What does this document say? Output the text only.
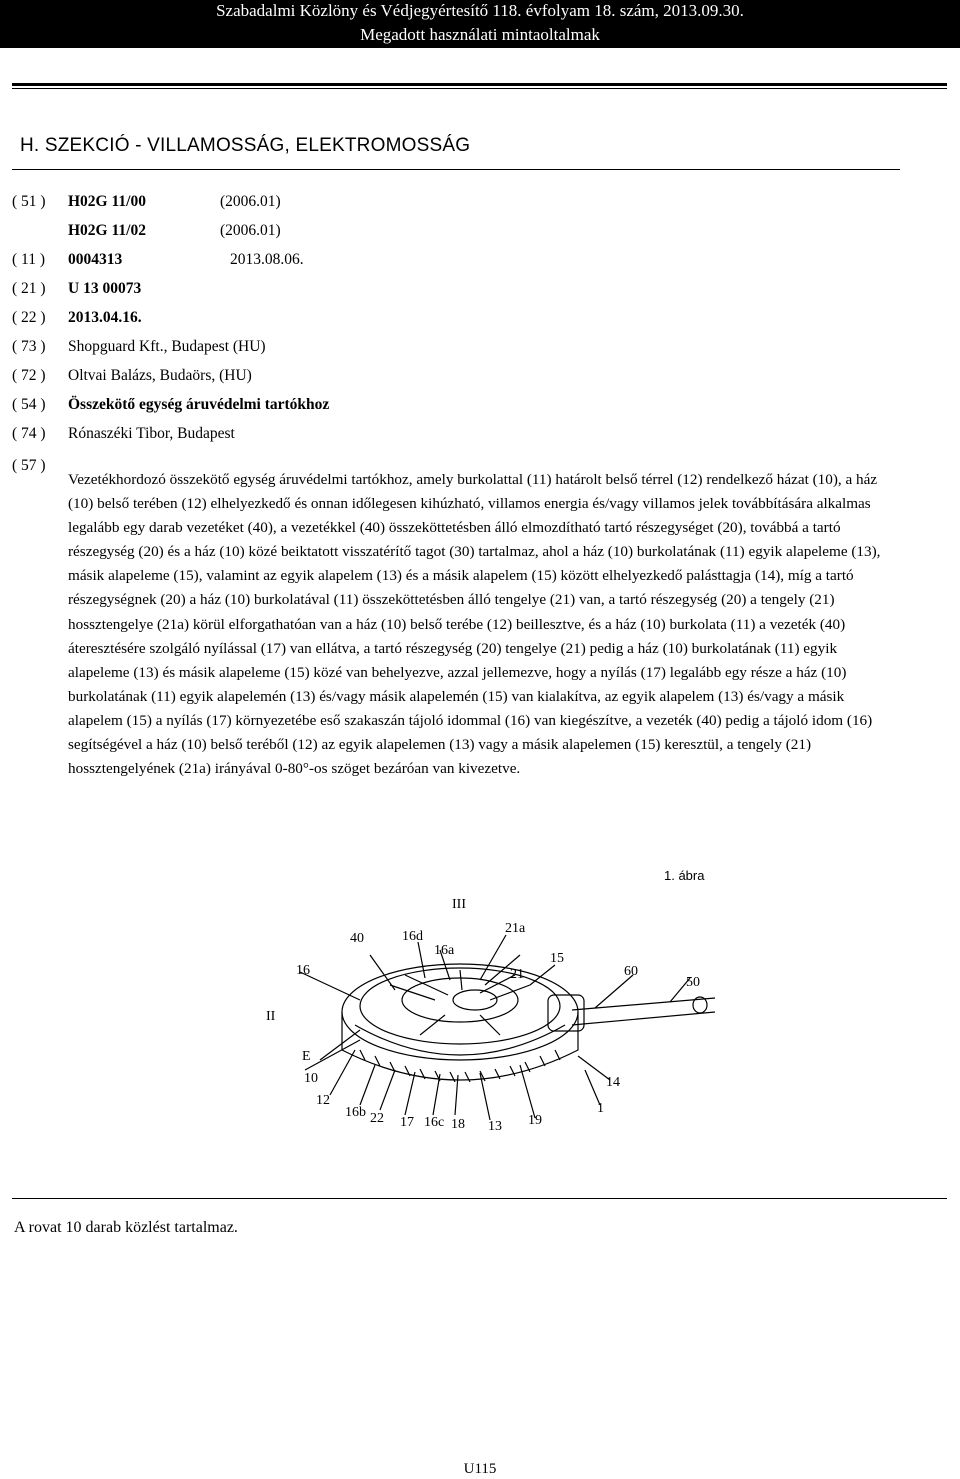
Szabadalmi Közlöny és Védjegyértesítő 118. évfolyam 18. szám, 2013.09.30.
Megadott használati mintaoltalmak
H. SZEKCIÓ - VILLAMOSSÁG, ELEKTROMOSSÁG
( 51 ) H02G 11/00	(2006.01)
H02G 11/02	(2006.01)
( 11 ) 0004313	2013.08.06.
( 21 ) U 13 00073
( 22 ) 2013.04.16.
( 73 ) Shopguard Kft., Budapest (HU)
( 72 ) Oltvai Balázs, Budaörs, (HU)
( 54 ) Összekötő egység áruvédelmi tartókhoz
( 74 ) Rónaszéki Tibor, Budapest
( 57 )

Vezetékhordozó összekötő egység áruvédelmi tartókhoz, amely burkolattal (11) határolt belső térrel (12) rendelkező házat (10), a ház (10) belső terében (12) elhelyezkedő és onnan időlegesen kihúzható, villamos energia és/vagy villamos jelek továbbítására alkalmas legalább egy darab vezetéket (40), a vezetékkel (40) összeköttetésben álló elmozdítható tartó részegységet (20), továbbá a tartó részegység (20) és a ház (10) közé beiktatott visszatérítő tagot (30) tartalmaz, ahol a ház (10) burkolatának (11) egyik alapeleme (13), másik alapeleme (15), valamint az egyik alapelem (13) és a másik alapelem (15) között elhelyezkedő palásttagja (14), míg a tartó részegységnek (20) a ház (10) burkolatával (11) összeköttetésben álló tengelye (21) van, a tartó részegység (20) a tengely (21) hossztengelye (21a) körül elforgathatóan van a ház (10) belső terébe (12) beillesztve, és a ház (10) burkolata (11) a vezeték (40) áteresztésére szolgáló nyílással (17) van ellátva, a tartó részegység (20) tengelye (21) pedig a ház (10) burkolatának (11) egyik alapeleme (13) és másik alapeleme (15) közé van behelyezve, azzal jellemezve, hogy a nyílás (17) legalább egy része a ház (10) burkolatának (11) egyik alapelemén (13) és/vagy másik alapelemén (15) van kialakítva, az egyik alapelem (13) és/vagy a másik alapelem (15) a nyílás (17) környezetébe eső szakaszán tájoló idommal (16) van kiegészítve, a vezeték (40) pedig a tájoló idom (16) segítségével a ház (10) belső teréből (12) az egyik alapelemen (13) vagy a másik alapelemen (15) keresztül, a tengely (21) hossztengelyének (21a) irányával 0-80°-os szöget bezáróan van kivezetve.

1. ábra
III
40	16d
16a
21a
15
16	21	60
50
II
E
10
12
16b 22 17 16c 18 13 19
1
14
A rovat 10 darab közlést tartalmaz.
U115
